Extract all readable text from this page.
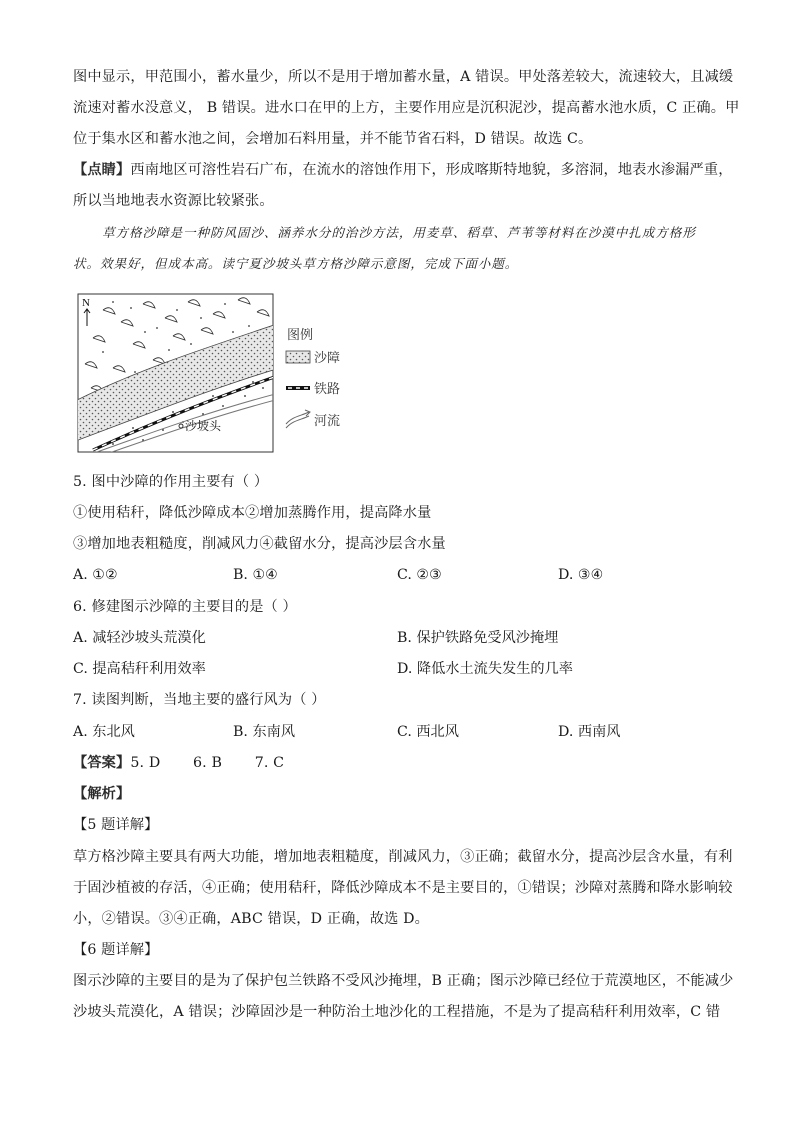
图中显示，甲范围小，蓄水量少，所以不是用于增加蓄水量，A 错误。甲处落差较大，流速较大，且减缓
流速对蓄水没意义， B 错误。进水口在甲的上方，主要作用应是沉积泥沙，提高蓄水池水质，C 正确。甲
位于集水区和蓄水池之间，会增加石料用量，并不能节省石料，D 错误。故选 C。
【点睛】西南地区可溶性岩石广布，在流水的溶蚀作用下，形成喀斯特地貌，多溶洞，地表水渗漏严重，
所以当地地表水资源比较紧张。
草方格沙障是一种防风固沙、涵养水分的治沙方法，用麦草、稻草、芦苇等材料在沙漠中扎成方格形
状。效果好，但成本高。读宁夏沙坡头草方格沙障示意图，完成下面小题。
N
沙坡头
图例
沙障
铁路
河流
5. 图中沙障的作用主要有（ ）
①使用秸秆，降低沙障成本②增加蒸腾作用，提高降水量
③增加地表粗糙度，削减风力④截留水分，提高沙层含水量
A. ①②	B. ①④	C. ②③	D. ③④
6. 修建图示沙障的主要目的是（ ）
A. 减轻沙坡头荒漠化	B. 保护铁路免受风沙掩埋
C. 提高秸秆利用效率	D. 降低水土流失发生的几率
7. 读图判断，当地主要的盛行风为（ ）
A. 东北风	B. 东南风	C. 西北风	D. 西南风
【答案】5. D       6. B       7. C
【解析】
【5 题详解】
草方格沙障主要具有两大功能，增加地表粗糙度，削减风力，③正确；截留水分，提高沙层含水量，有利
于固沙植被的存活，④正确；使用秸秆，降低沙障成本不是主要目的，①错误；沙障对蒸腾和降水影响较
小，②错误。③④正确，ABC 错误，D 正确，故选 D。
【6 题详解】
图示沙障的主要目的是为了保护包兰铁路不受风沙掩埋，B 正确；图示沙障已经位于荒漠地区，不能减少
沙坡头荒漠化，A 错误；沙障固沙是一种防治土地沙化的工程措施，不是为了提高秸秆利用效率，C 错
